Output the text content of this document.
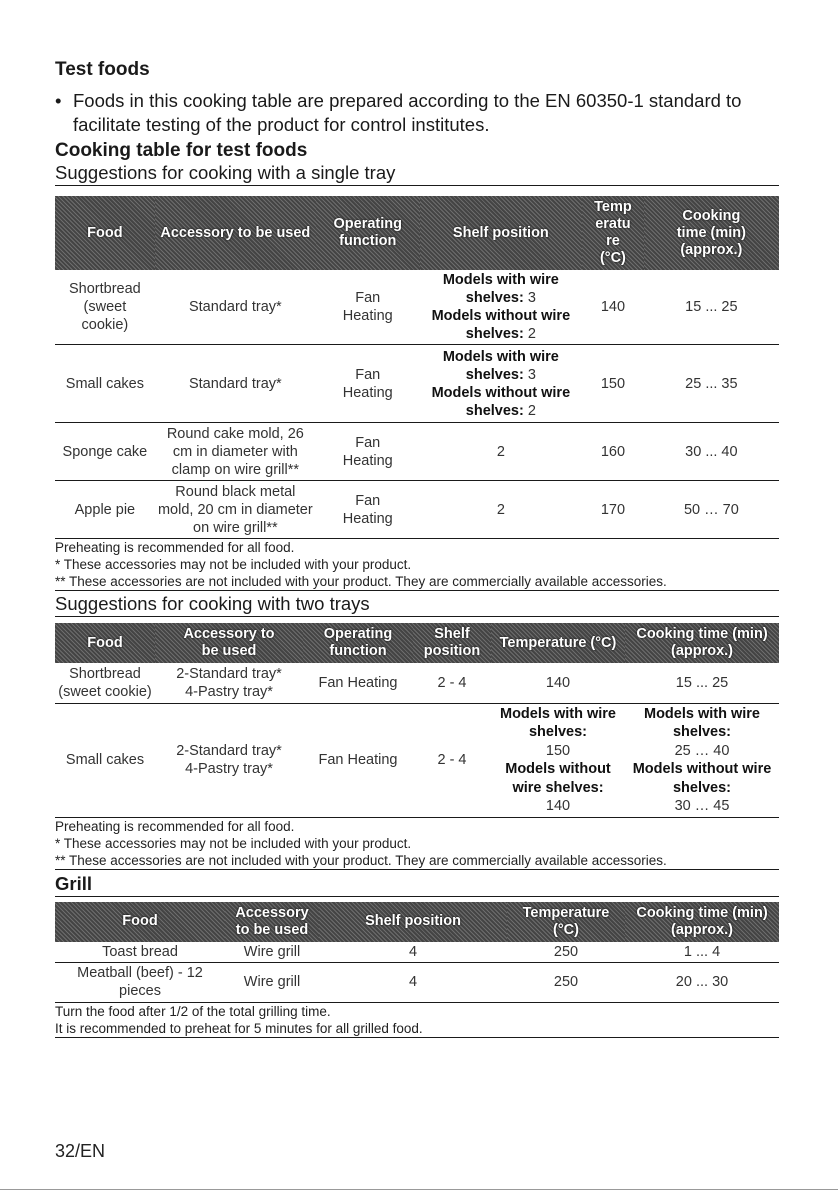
Test foods

• Foods in this cooking table are prepared according to the EN 60350-1 standard to facilitate testing of the product for control institutes.

Cooking table for test foods

Suggestions for cooking with a single tray

Food	Accessory to be used	Operating function	Shelf position	Temp eratu re (°C)	Cooking time (min) (approx.)
Shortbread (sweet cookie)	Standard tray*	Fan Heating	Models with wire shelves: 3
Models without wire shelves: 2	140	15 ... 25
Small cakes	Standard tray*	Fan Heating	Models with wire shelves: 3
Models without wire shelves: 2	150	25 ... 35
Sponge cake	Round cake mold, 26 cm in diameter with clamp on wire grill**	Fan Heating	2	160	30 ... 40
Apple pie	Round black metal mold, 20 cm in diameter on wire grill**	Fan Heating	2	170	50 … 70
Preheating is recommended for all food.
* These accessories may not be included with your product.
** These accessories are not included with your product. They are commercially available accessories.

Suggestions for cooking with two trays

Food	Accessory to be used	Operating function	Shelf position	Temperature (°C)	Cooking time (min) (approx.)
Shortbread (sweet cookie)	2-Standard tray*
4-Pastry tray*	Fan Heating	2 - 4	140	15 ... 25
Small cakes	2-Standard tray*
4-Pastry tray*	Fan Heating	2 - 4	Models with wire shelves:
150
Models without wire shelves:
140	Models with wire shelves:
25 … 40
Models without wire shelves:
30 … 45
Preheating is recommended for all food.
* These accessories may not be included with your product.
** These accessories are not included with your product. They are commercially available accessories.

Grill

Food	Accessory to be used	Shelf position	Temperature (°C)	Cooking time (min) (approx.)
Toast bread	Wire grill	4	250	1 ... 4
Meatball (beef) - 12 pieces	Wire grill	4	250	20 ... 30
Turn the food after 1/2 of the total grilling time.
It is recommended to preheat for 5 minutes for all grilled food.
32/EN
